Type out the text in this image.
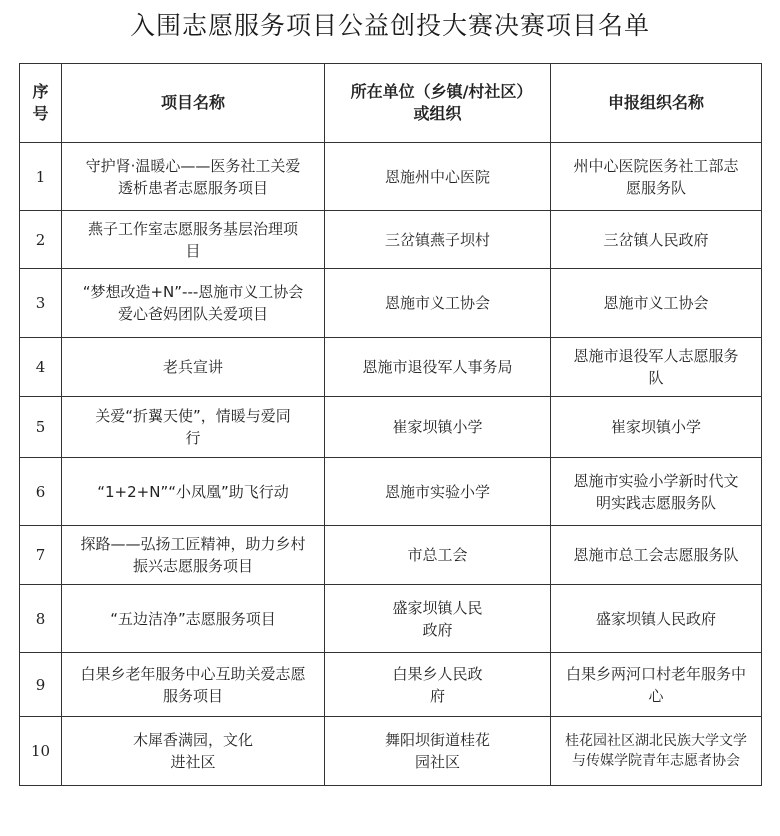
入围志愿服务项目公益创投大赛决赛项目名单
序号	项目名称	所在单位（乡镇/村社区）或组织	申报组织名称
1	守护肾·温暖心——医务社工关爱透析患者志愿服务项目	恩施州中心医院	州中心医院医务社工部志愿服务队
2	燕子工作室志愿服务基层治理项目	三岔镇燕子坝村	三岔镇人民政府
3	“梦想改造+N”---恩施市义工协会爱心爸妈团队关爱项目	恩施市义工协会	恩施市义工协会
4	老兵宣讲	恩施市退役军人事务局	恩施市退役军人志愿服务队
5	关爱“折翼天使”，情暖与爱同行	崔家坝镇小学	崔家坝镇小学
6	“1+2+N”“小凤凰”助飞行动	恩施市实验小学	恩施市实验小学新时代文明实践志愿服务队
7	探路——弘扬工匠精神，助力乡村振兴志愿服务项目	市总工会	恩施市总工会志愿服务队
8	“五边洁净”志愿服务项目	盛家坝镇人民政府	盛家坝镇人民政府
9	白果乡老年服务中心互助关爱志愿服务项目	白果乡人民政府	白果乡两河口村老年服务中心
10	木犀香满园，文化进社区	舞阳坝街道桂花园社区	桂花园社区湖北民族大学文学与传媒学院青年志愿者协会
